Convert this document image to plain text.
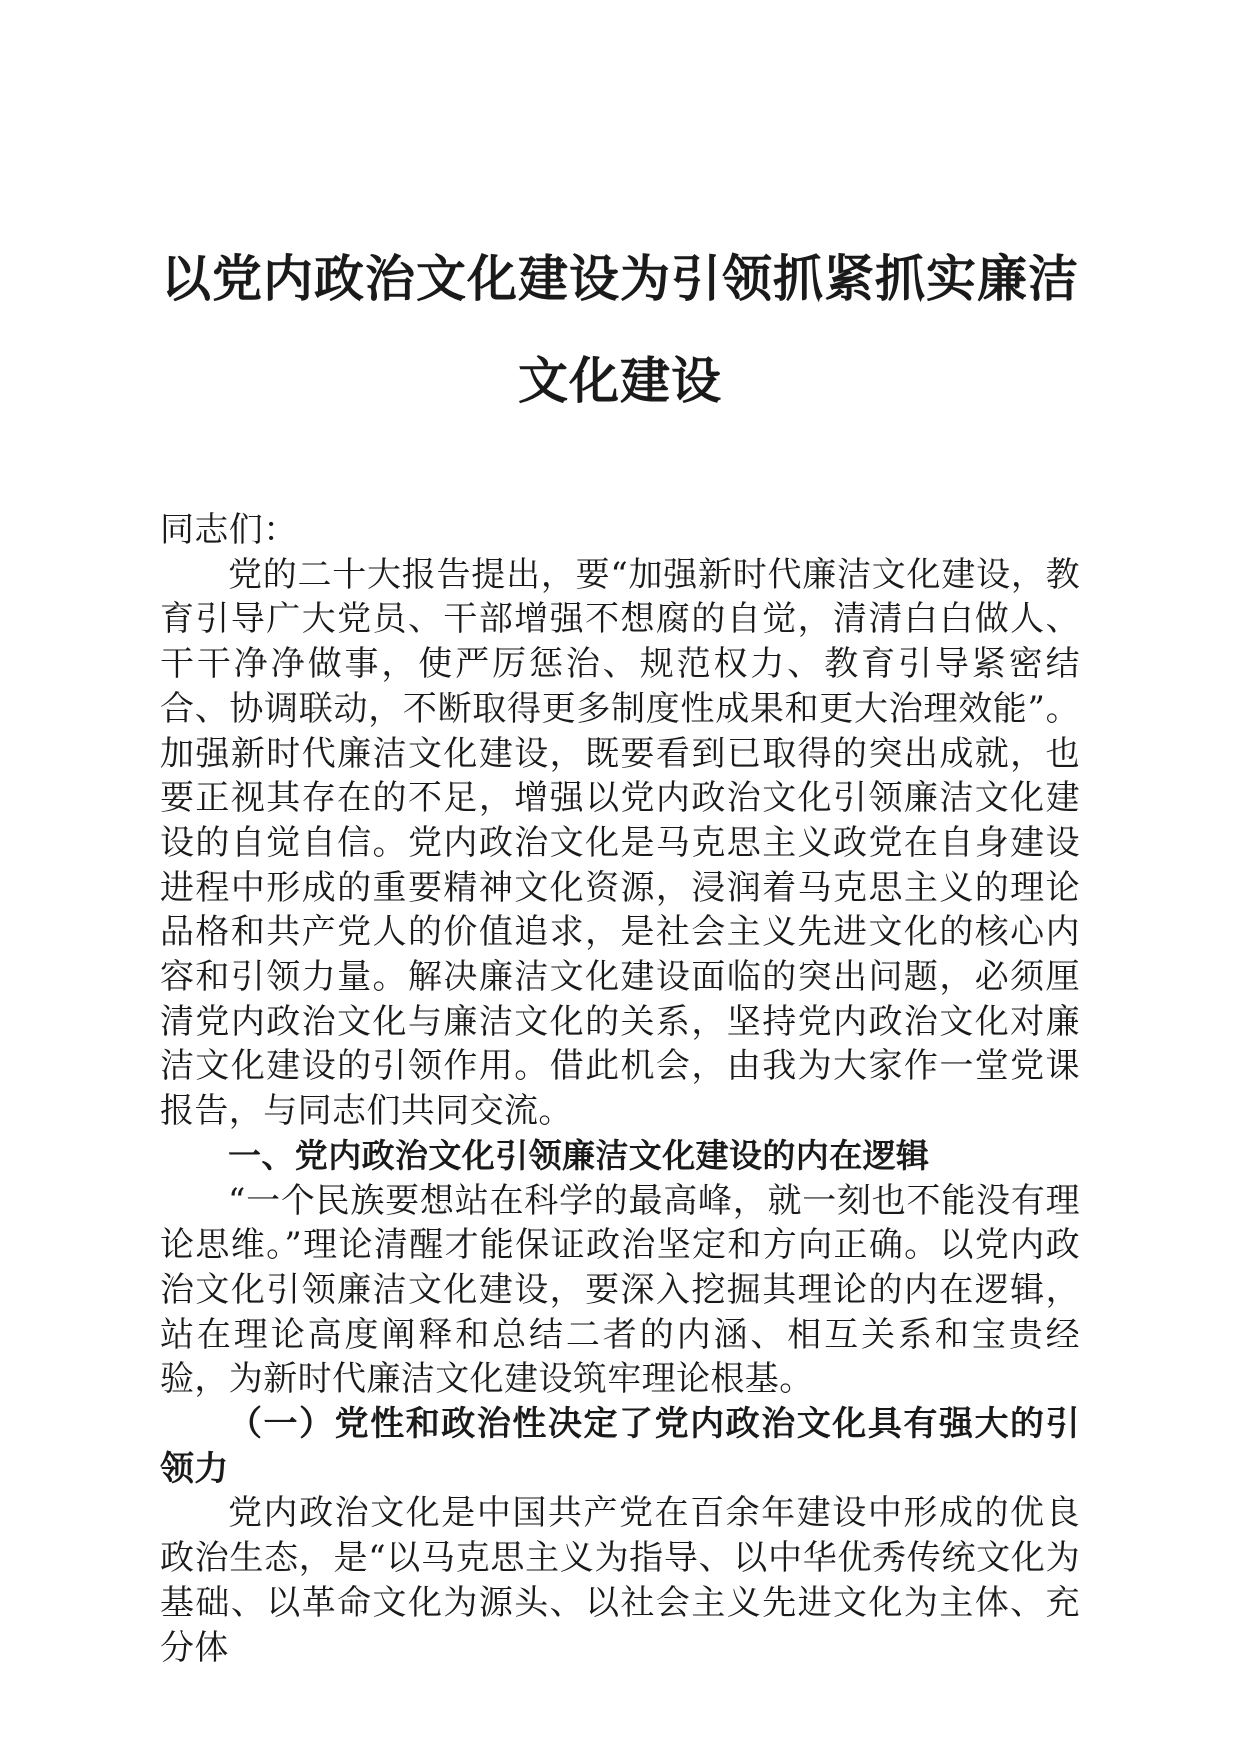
以党内政治文化建设为引领抓紧抓实廉洁文化建设

同志们：

党的二十大报告提出，要“加强新时代廉洁文化建设，教育引导广大党员、干部增强不想腐的自觉，清清白白做人、干干净净做事，使严厉惩治、规范权力、教育引导紧密结合、协调联动，不断取得更多制度性成果和更大治理效能”。加强新时代廉洁文化建设，既要看到已取得的突出成就，也要正视其存在的不足，增强以党内政治文化引领廉洁文化建设的自觉自信。党内政治文化是马克思主义政党在自身建设进程中形成的重要精神文化资源，浸润着马克思主义的理论品格和共产党人的价值追求，是社会主义先进文化的核心内容和引领力量。解决廉洁文化建设面临的突出问题，必须厘清党内政治文化与廉洁文化的关系，坚持党内政治文化对廉洁文化建设的引领作用。借此机会，由我为大家作一堂党课报告，与同志们共同交流。

一、党内政治文化引领廉洁文化建设的内在逻辑

“一个民族要想站在科学的最高峰，就一刻也不能没有理论思维。”理论清醒才能保证政治坚定和方向正确。以党内政治文化引领廉洁文化建设，要深入挖掘其理论的内在逻辑，站在理论高度阐释和总结二者的内涵、相互关系和宝贵经验，为新时代廉洁文化建设筑牢理论根基。

（一）党性和政治性决定了党内政治文化具有强大的引领力

党内政治文化是中国共产党在百余年建设中形成的优良政治生态，是“以马克思主义为指导、以中华优秀传统文化为基础、以革命文化为源头、以社会主义先进文化为主体、充分体
